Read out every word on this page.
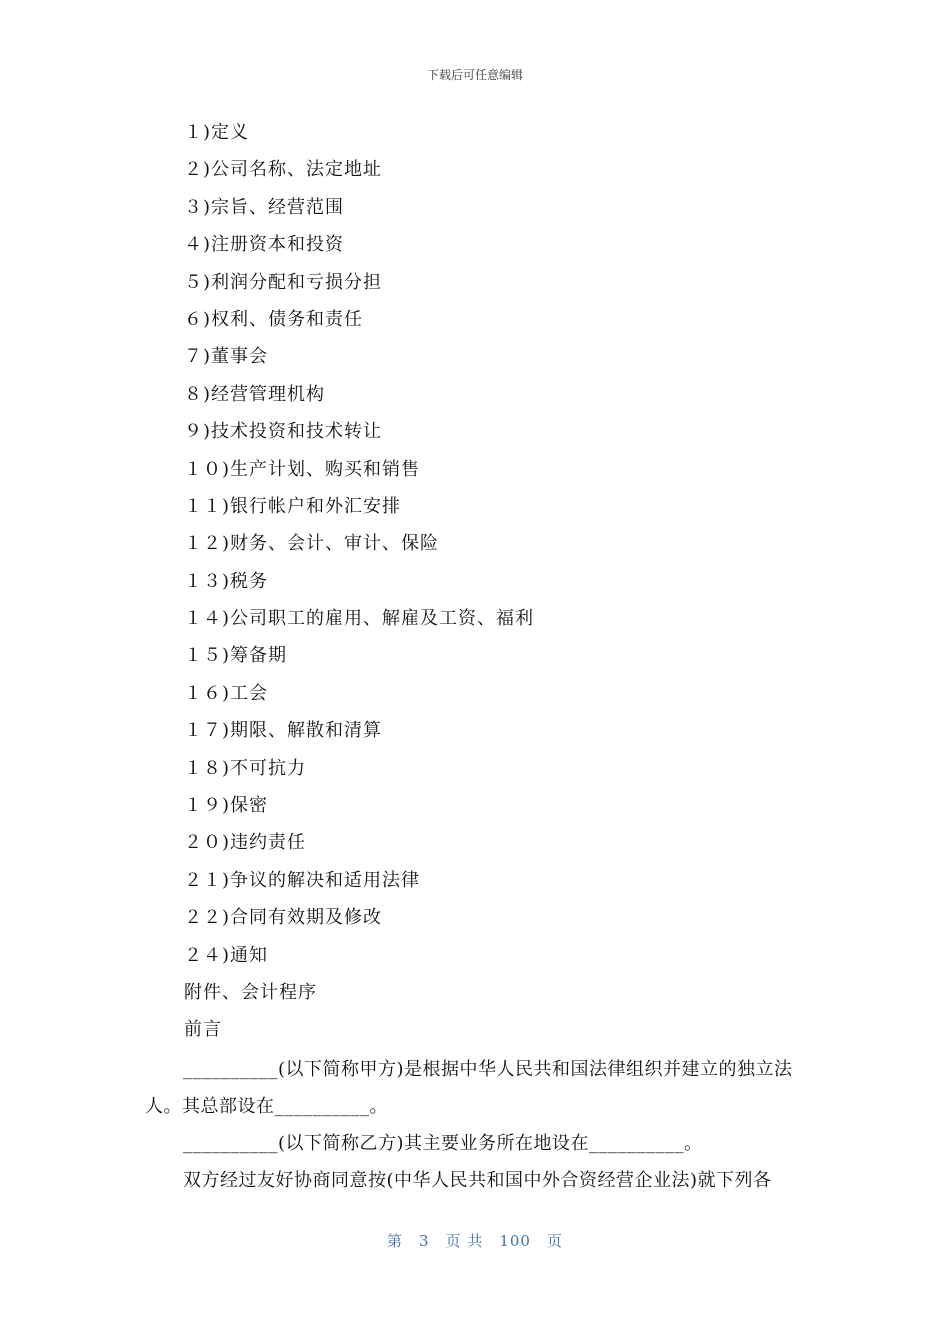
下载后可任意编辑
１)定义
２)公司名称、法定地址
３)宗旨、经营范围
４)注册资本和投资
５)利润分配和亏损分担
６)权利、债务和责任
７)董事会
８)经营管理机构
９)技术投资和技术转让
１０)生产计划、购买和销售
１１)银行帐户和外汇安排
１２)财务、会计、审计、保险
１３)税务
１４)公司职工的雇用、解雇及工资、福利
１５)筹备期
１６)工会
１７)期限、解散和清算
１８)不可抗力
１９)保密
２０)违约责任
２１)争议的解决和适用法律
２２)合同有效期及修改
２４)通知
附件、会计程序
前言

__________(以下简称甲方)是根据中华人民共和国法律组织并建立的独立法人。其总部设在__________。

__________(以下简称乙方)其主要业务所在地设在__________。

双方经过友好协商同意按(中华人民共和国中外合资经营企业法)就下列各

第 3 页 共 100 页
